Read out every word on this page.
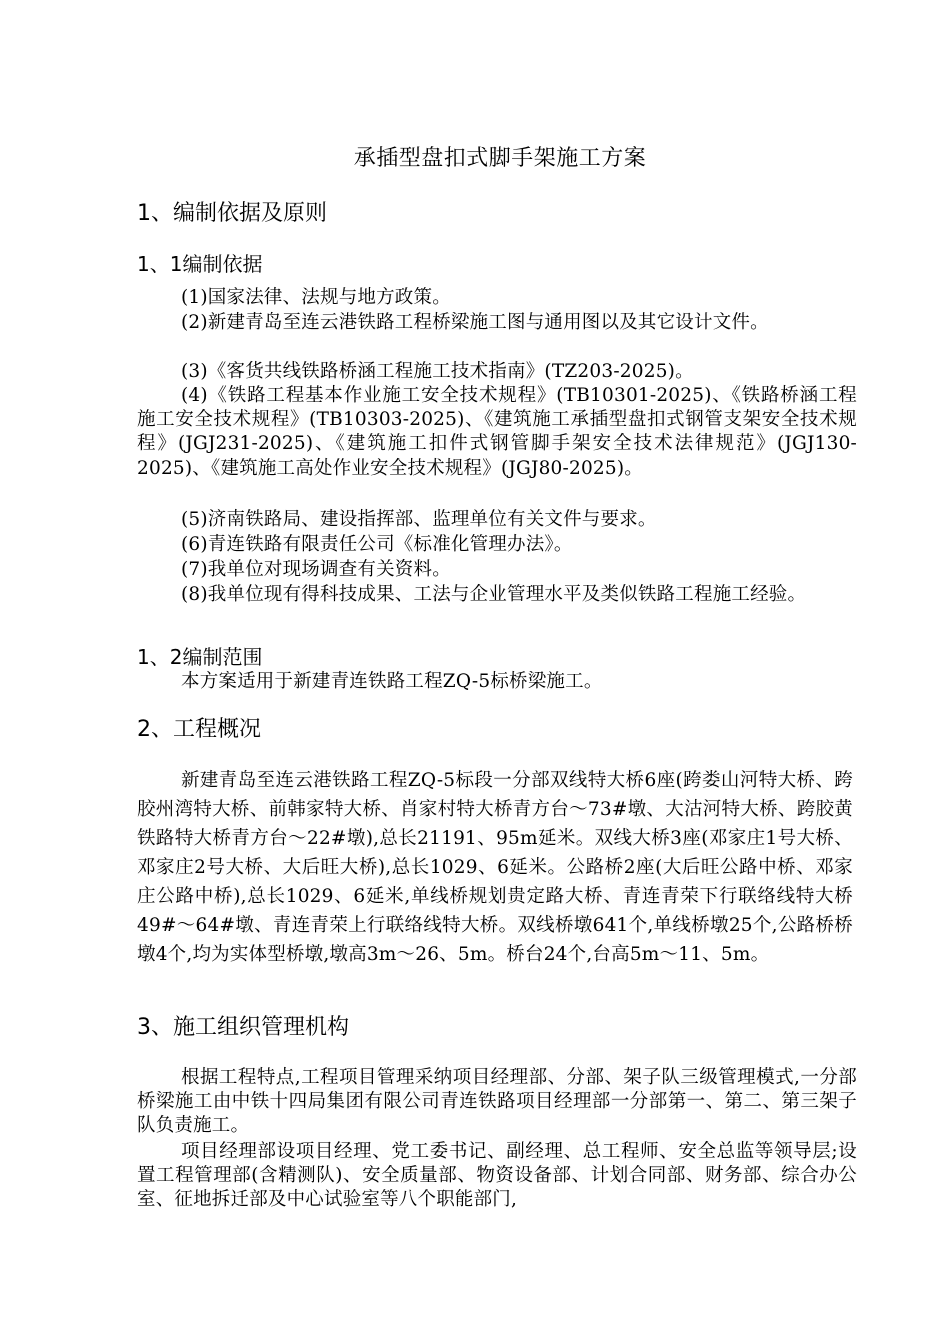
承插型盘扣式脚手架施工方案
1、编制依据及原则
1、1编制依据

(1)国家法律、法规与地方政策。

(2)新建青岛至连云港铁路工程桥梁施工图与通用图以及其它设计文件。

(3)《客货共线铁路桥涵工程施工技术指南》(TZ203-2025)。

(4)《铁路工程基本作业施工安全技术规程》(TB10301-2025)、《铁路桥涵工程施工安全技术规程》(TB10303-2025)、《建筑施工承插型盘扣式钢管支架安全技术规程》(JGJ231-2025)、《建筑施工扣件式钢管脚手架安全技术法律规范》(JGJ130-2025)、《建筑施工高处作业安全技术规程》(JGJ80-2025)。

(5)济南铁路局、建设指挥部、监理单位有关文件与要求。

(6)青连铁路有限责任公司《标准化管理办法》。

(7)我单位对现场调查有关资料。

(8)我单位现有得科技成果、工法与企业管理水平及类似铁路工程施工经验。

1、2编制范围

本方案适用于新建青连铁路工程ZQ-5标桥梁施工。

2、工程概况

新建青岛至连云港铁路工程ZQ-5标段一分部双线特大桥6座(跨娄山河特大桥、跨胶州湾特大桥、前韩家特大桥、肖家村特大桥青方台～73#墩、大沽河特大桥、跨胶黄铁路特大桥青方台～22#墩),总长21191、95m延米。双线大桥3座(邓家庄1号大桥、邓家庄2号大桥、大后旺大桥),总长1029、6延米。公路桥2座(大后旺公路中桥、邓家庄公路中桥),总长1029、6延米,单线桥规划贵定路大桥、青连青荣下行联络线特大桥49#～64#墩、青连青荣上行联络线特大桥。双线桥墩641个,单线桥墩25个,公路桥桥墩4个,均为实体型桥墩,墩高3m～26、5m。桥台24个,台高5m～11、5m。

3、施工组织管理机构

根据工程特点,工程项目管理采纳项目经理部、分部、架子队三级管理模式,一分部桥梁施工由中铁十四局集团有限公司青连铁路项目经理部一分部第一、第二、第三架子队负责施工。

项目经理部设项目经理、党工委书记、副经理、总工程师、安全总监等领导层;设置工程管理部(含精测队)、安全质量部、物资设备部、计划合同部、财务部、综合办公室、征地拆迁部及中心试验室等八个职能部门,
